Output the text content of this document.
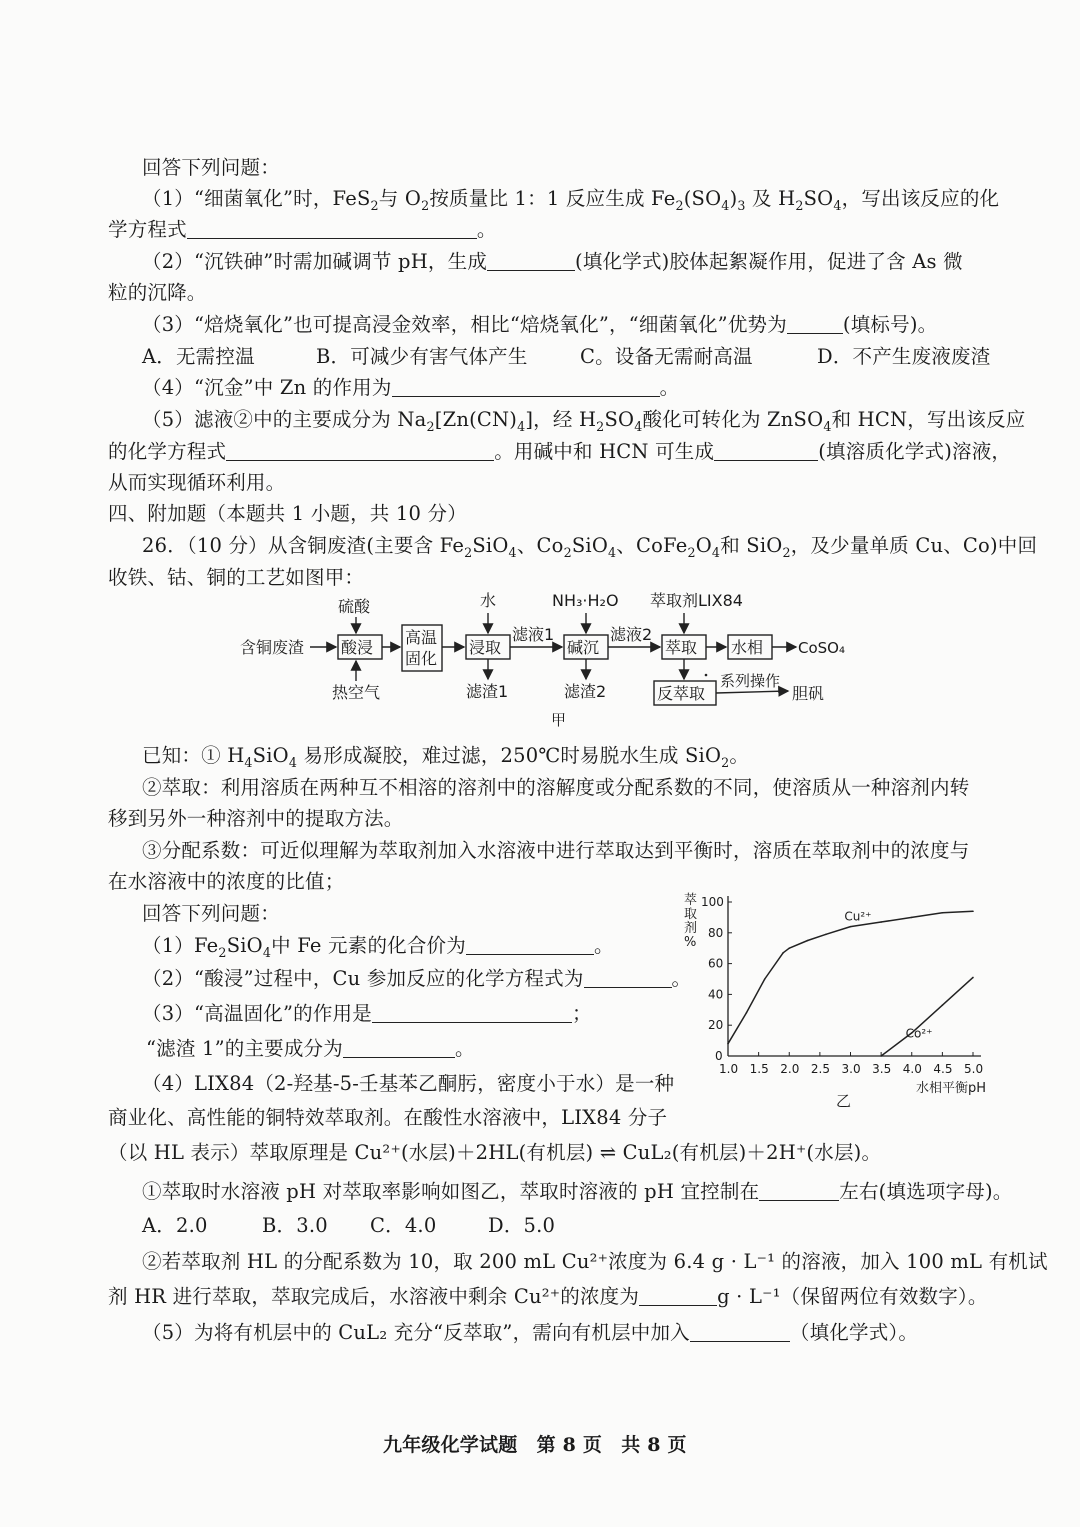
回答下列问题：
（1）“细菌氧化”时，FeS$_2$与 $O_2$按质量比 1：1 反应生成 $Fe_2(SO_4)_3$ 及 $H_2SO_4$，写出该反应的化
学方程式	。
（2）“沉铁砷”时需加碱调节 pH，生成	(填化学式)胶体起絮凝作用，促进了含 As 微
粒的沉降。
（3）“焙烧氧化”也可提高浸金效率，相比“焙烧氧化”，“细菌氧化”优势为	(填标号)。
A．无需控温	B．可减少有害气体产生	C。设备无需耐高温	D．不产生废液废渣
（4）“沉金”中 Zn 的作用为	。
（5）滤液②中的主要成分为 $Na_2[Zn(CN)_4]$，经 $H_2SO_4$酸化可转化为 ZnSO$_4$和 HCN，写出该反应
的化学方程式	。用碱中和 HCN 可生成	(填溶质化学式)溶液，
从而实现循环利用。
四、附加题（本题共 1 小题，共 10 分）
26．（10 分）从含铜废渣(主要含 $Fe_2SiO_4$、$Co_2SiO_4$、$CoFe_2O_4$和 SiO$_2$，及少量单质 Cu、Co)中回
收铁、钴、铜的工艺如图甲：
含铜废渣
硫酸
酸浸
热空气
高温
固化
水
浸取
滤渣1
滤液1
NH₃·H₂O
碱沉
滤渣2
滤液2
萃取剂LIX84
萃取 水相 CoSO₄
反萃取
系列操作
胆矾
甲
已知：① $H_4SiO_4$ 易形成凝胶，难过滤，250℃时易脱水生成 SiO$_2$。
②萃取：利用溶质在两种互不相溶的溶剂中的溶解度或分配系数的不同，使溶质从一种溶剂内转
移到另外一种溶剂中的提取方法。
③分配系数：可近似理解为萃取剂加入水溶液中进行萃取达到平衡时，溶质在萃取剂中的浓度与
在水溶液中的浓度的比值；
回答下列问题：
$(1)Fe_2SiO_4$中 Fe 元素的化合价为	。
（2）“酸浸”过程中，Cu 参加反应的化学方程式为	。
（3）“高温固化”的作用是	；
“滤渣 1”的主要成分为	。
（4）LIX84（2-羟基-5-壬基苯乙酮肟，密度小于水）是一种
商业化、高性能的铜特效萃取剂。在酸性水溶液中，LIX84 分子
萃
取
剂
%
1.0 1.5 2.0 2.5 3.0 3.5 4.0 4.5 5.0
0
20
40
60
80
100
Cu²⁺
Co²⁺
水相平衡pH
乙
（以 HL 表示）萃取原理是 Cu²⁺(水层)＋2HL(有机层) ⇌ CuL₂(有机层)＋2H⁺(水层)。
①萃取时水溶液 pH 对萃取率影响如图乙，萃取时溶液的 pH 宜控制在	左右(填选项字母)。
A．2.0	B．3.0 C．4.0	D．5.0
②若萃取剂 HL 的分配系数为 10，取 200 mL Cu²⁺浓度为 6.4 g · L⁻¹ 的溶液，加入 100 mL 有机试
剂 HR 进行萃取，萃取完成后，水溶液中剩余 Cu²⁺的浓度为	g · L⁻¹（保留两位有效数字）。
（5）为将有机层中的 CuL₂ 充分“反萃取”，需向有机层中加入	（填化学式）。
九年级化学试题　第 8 页　共 8 页
